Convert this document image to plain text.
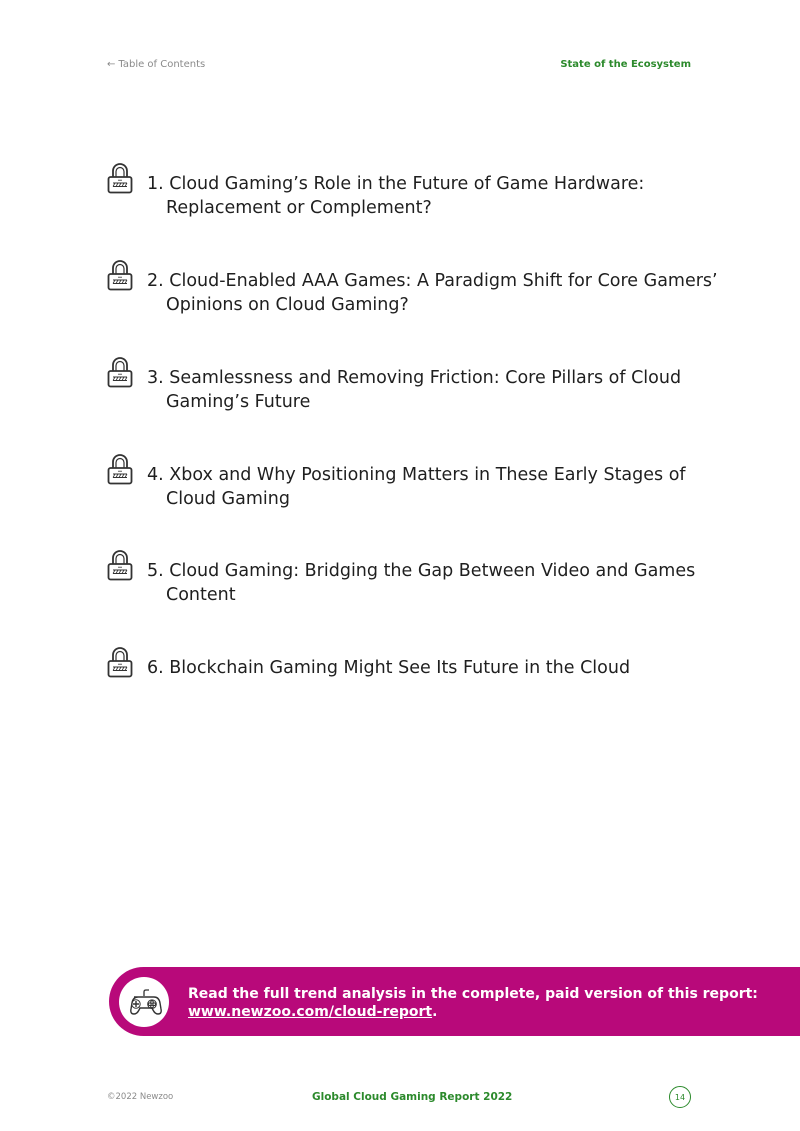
← Table of Contents	State of the Ecosystem
1. Cloud Gaming’s Role in the Future of Game Hardware: Replacement or Complement?
2. Cloud-Enabled AAA Games: A Paradigm Shift for Core Gamers’ Opinions on Cloud Gaming?
3. Seamlessness and Removing Friction: Core Pillars of Cloud Gaming’s Future
4. Xbox and Why Positioning Matters in These Early Stages of Cloud Gaming
5. Cloud Gaming: Bridging the Gap Between Video and Games Content
6. Blockchain Gaming Might See Its Future in the Cloud
Read the full trend analysis in the complete, paid version of this report:
www.newzoo.com/cloud-report.
©2022 Newzoo	Global Cloud Gaming Report 2022	14
